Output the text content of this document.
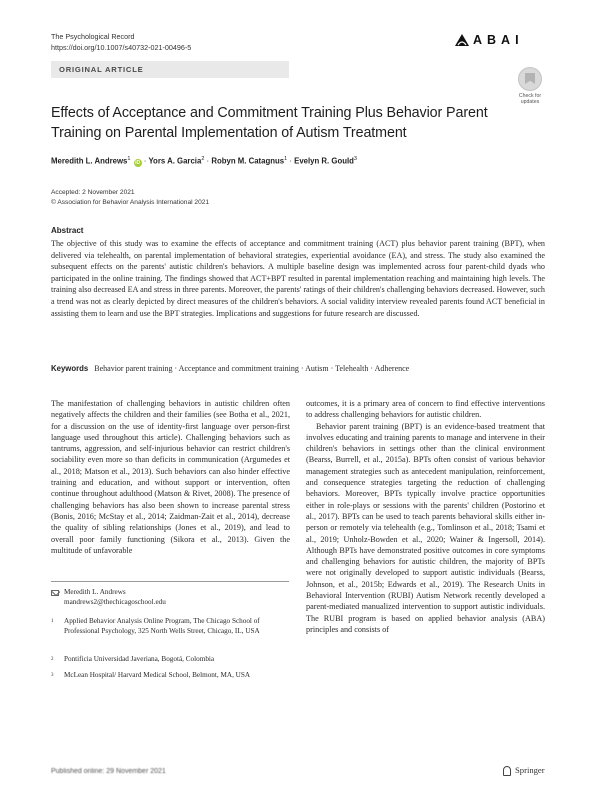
The Psychological Record
https://doi.org/10.1007/s40732-021-00496-5
ABAI
ORIGINAL ARTICLE
Check for
updates
Effects of Acceptance and Commitment Training Plus Behavior Parent
Training on Parental Implementation of Autism Treatment
Meredith L. Andrews$^1$ iD · Yors A. Garcia$^2$ · Robyn M. Catagnus$^1$ · Evelyn R. Gould$^3$
Accepted: 2 November 2021
© Association for Behavior Analysis International 2021
Abstract
The objective of this study was to examine the effects of acceptance and commitment training (ACT) plus behavior parent training (BPT), when delivered via telehealth, on parental implementation of behavioral strategies, experiential avoidance (EA), and stress. The study also examined the subsequent effects on the parents' autistic children's behaviors. A multiple baseline design was implemented across four parent-child dyads who participated in the online training. The findings showed that ACT+BPT resulted in parental implementation reaching and maintaining high levels. The training also decreased EA and stress in three parents. Moreover, the parents' ratings of their children's challenging behaviors decreased. However, such a trend was not as clearly depicted by direct measures of the children's behaviors. A social validity interview revealed parents found ACT beneficial in assisting them to learn and use the BPT strategies. Implications and suggestions for future research are discussed.
Keywords Behavior parent training · Acceptance and commitment training · Autism · Telehealth · Adherence

The manifestation of challenging behaviors in autistic children often negatively affects the children and their families (see Botha et al., 2021, for a discussion on the use of identity-first language over person-first language used throughout this article). Challenging behaviors such as tantrums, aggression, and self-injurious behavior can restrict children's sociability even more so than deficits in communication (Argumedes et al., 2018; Matson et al., 2013). Such behaviors can also hinder effective training and education, and without support or intervention, often continue throughout adulthood (Matson & Rivet, 2008). The presence of challenging behaviors has also been shown to increase parental stress (Bonis, 2016; McStay et al., 2014; Zaidman-Zait et al., 2014), decrease the quality of sibling relationships (Jones et al., 2019), and lead to overall poor family functioning (Sikora et al., 2013). Given the multitude of unfavorable

outcomes, it is a primary area of concern to find effective interventions to address challenging behaviors for autistic children.

Behavior parent training (BPT) is an evidence-based treatment that involves educating and training parents to manage and intervene in their children's behaviors in settings other than the clinical environment (Bearss, Burrell, et al., 2015a). BPTs often consist of various behavior management strategies such as antecedent manipulation, reinforcement, and consequence strategies targeting the reduction of challenging behaviors. Moreover, BPTs typically involve practice opportunities either in role-plays or sessions with the parents' children (Postorino et al., 2017). BPTs can be used to teach parents behavioral skills either in-person or remotely via telehealth (e.g., Tomlinson et al., 2018; Tsami et al., 2019; Unholz-Bowden et al., 2020; Wainer & Ingersoll, 2014). Although BPTs have demonstrated positive outcomes in core symptoms and challenging behaviors for autistic children, the majority of BPTs were not originally developed to support autistic individuals (Bearss, Johnson, et al., 2015b; Edwards et al., 2019). The Research Units in Behavioral Intervention (RUBI) Autism Network recently developed a parent-mediated manualized intervention to support autistic individuals. The RUBI program is based on applied behavior analysis (ABA) principles and consists of

Meredith L. Andrews
mandrews2@thechicagoschool.edu
1 Applied Behavior Analysis Online Program, The Chicago School of Professional Psychology, 325 North Wells Street, Chicago, IL, USA
2 Pontificia Universidad Javeriana, Bogotá, Colombia
3 McLean Hospital/ Harvard Medical School, Belmont, MA, USA
Published online: 29 November 2021	Springer
